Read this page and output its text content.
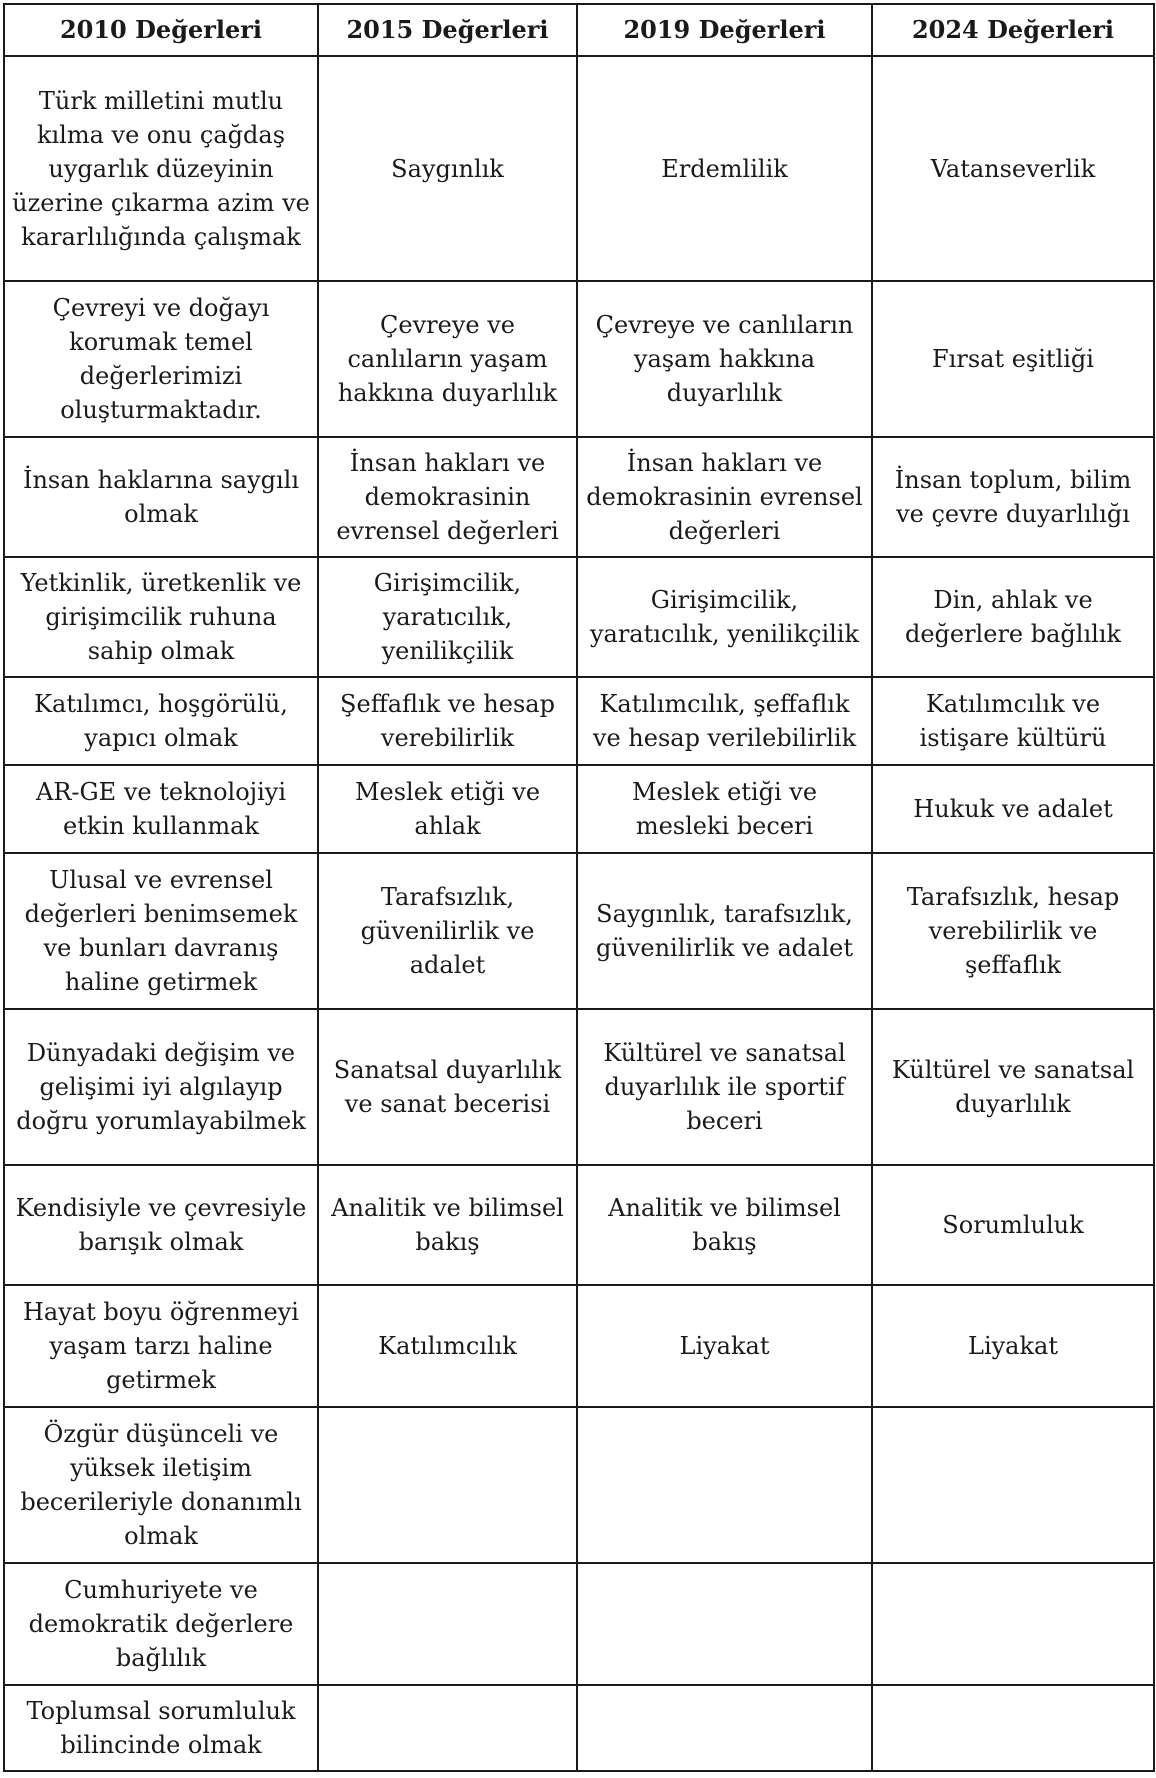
2010 Değerleri	2015 Değerleri	2019 Değerleri	2024 Değerleri
Türk milletini mutlu kılma ve onu çağdaş uygarlık düzeyinin üzerine çıkarma azim ve kararlılığında çalışmak	Saygınlık	Erdemlilik	Vatanseverlik
Çevreyi ve doğayı korumak temel değerlerimizi oluşturmaktadır.	Çevreye ve canlıların yaşam hakkına duyarlılık	Çevreye ve canlıların yaşam hakkına duyarlılık	Fırsat eşitliği
İnsan haklarına saygılı olmak	İnsan hakları ve demokrasinin evrensel değerleri	İnsan hakları ve demokrasinin evrensel değerleri	İnsan toplum, bilim ve çevre duyarlılığı
Yetkinlik, üretkenlik ve girişimcilik ruhuna sahip olmak	Girişimcilik, yaratıcılık, yenilikçilik	Girişimcilik, yaratıcılık, yenilikçilik	Din, ahlak ve değerlere bağlılık
Katılımcı, hoşgörülü, yapıcı olmak	Şeffaflık ve hesap verebilirlik	Katılımcılık, şeffaflık ve hesap verilebilirlik	Katılımcılık ve istişare kültürü
AR-GE ve teknolojiyi etkin kullanmak	Meslek etiği ve ahlak	Meslek etiği ve mesleki beceri	Hukuk ve adalet
Ulusal ve evrensel değerleri benimsemek ve bunları davranış haline getirmek	Tarafsızlık, güvenilirlik ve adalet	Saygınlık, tarafsızlık, güvenilirlik ve adalet	Tarafsızlık, hesap verebilirlik ve şeffaflık
Dünyadaki değişim ve gelişimi iyi algılayıp doğru yorumlayabilmek	Sanatsal duyarlılık ve sanat becerisi	Kültürel ve sanatsal duyarlılık ile sportif beceri	Kültürel ve sanatsal duyarlılık
Kendisiyle ve çevresiyle barışık olmak	Analitik ve bilimsel bakış	Analitik ve bilimsel bakış	Sorumluluk
Hayat boyu öğrenmeyi yaşam tarzı haline getirmek	Katılımcılık	Liyakat	Liyakat
Özgür düşünceli ve yüksek iletişim becerileriyle donanımlı olmak			
Cumhuriyete ve demokratik değerlere bağlılık			
Toplumsal sorumluluk bilincinde olmak			
